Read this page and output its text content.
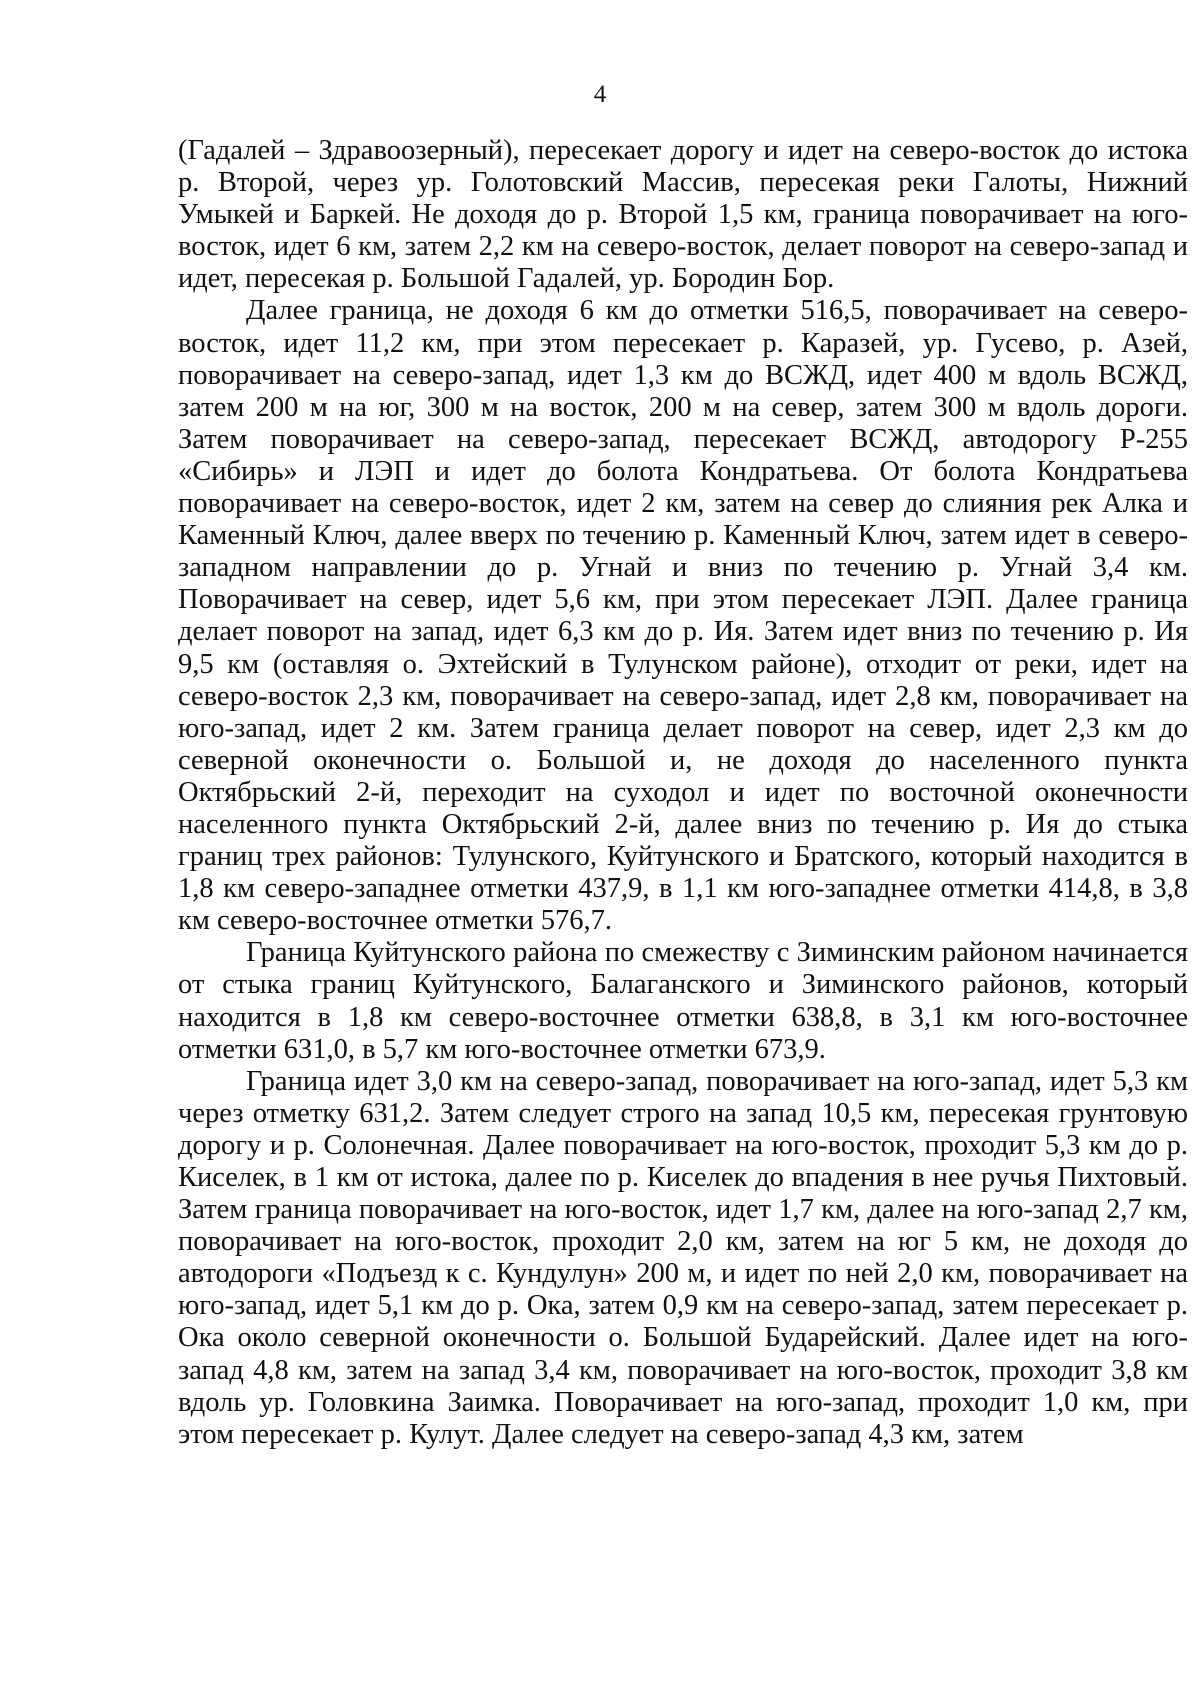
4

(Гадалей – Здравоозерный), пересекает дорогу и идет на северо-восток до истока р. Второй, через ур. Голотовский Массив, пересекая реки Галоты, Нижний Умыкей и Баркей. Не доходя до р. Второй 1,5 км, граница поворачивает на юго-восток, идет 6 км, затем 2,2 км на северо-восток, делает поворот на северо-запад и идет, пересекая р. Большой Гадалей, ур. Бородин Бор.

Далее граница, не доходя 6 км до отметки 516,5, поворачивает на северо-восток, идет 11,2 км, при этом пересекает р. Каразей, ур. Гусево, р. Азей, поворачивает на северо-запад, идет 1,3 км до ВСЖД, идет 400 м вдоль ВСЖД, затем 200 м на юг, 300 м на восток, 200 м на север, затем 300 м вдоль дороги. Затем поворачивает на северо-запад, пересекает ВСЖД, автодорогу Р-255 «Сибирь» и ЛЭП и идет до болота Кондратьева. От болота Кондратьева поворачивает на северо-восток, идет 2 км, затем на север до слияния рек Алка и Каменный Ключ, далее вверх по течению р. Каменный Ключ, затем идет в северо-западном направлении до р. Угнай и вниз по течению р. Угнай 3,4 км. Поворачивает на север, идет 5,6 км, при этом пересекает ЛЭП. Далее граница делает поворот на запад, идет 6,3 км до р. Ия. Затем идет вниз по течению р. Ия 9,5 км (оставляя о. Эхтейский в Тулунском районе), отходит от реки, идет на северо-восток 2,3 км, поворачивает на северо-запад, идет 2,8 км, поворачивает на юго-запад, идет 2 км. Затем граница делает поворот на север, идет 2,3 км до северной оконечности о. Большой и, не доходя до населенного пункта Октябрьский 2-й, переходит на суходол и идет по восточной оконечности населенного пункта Октябрьский 2-й, далее вниз по течению р. Ия до стыка границ трех районов: Тулунского, Куйтунского и Братского, который находится в 1,8 км северо-западнее отметки 437,9, в 1,1 км юго-западнее отметки 414,8, в 3,8 км северо-восточнее отметки 576,7.

Граница Куйтунского района по смежеству с Зиминским районом начинается от стыка границ Куйтунского, Балаганского и Зиминского районов, который находится в 1,8 км северо-восточнее отметки 638,8, в 3,1 км юго-восточнее отметки 631,0, в 5,7 км юго-восточнее отметки 673,9.

Граница идет 3,0 км на северо-запад, поворачивает на юго-запад, идет 5,3 км через отметку 631,2. Затем следует строго на запад 10,5 км, пересекая грунтовую дорогу и р. Солонечная. Далее поворачивает на юго-восток, проходит 5,3 км до р. Киселек, в 1 км от истока, далее по р. Киселек до впадения в нее ручья Пихтовый. Затем граница поворачивает на юго-восток, идет 1,7 км, далее на юго-запад 2,7 км, поворачивает на юго-восток, проходит 2,0 км, затем на юг 5 км, не доходя до автодороги «Подъезд к с. Кундулун» 200 м, и идет по ней 2,0 км, поворачивает на юго-запад, идет 5,1 км до р. Ока, затем 0,9 км на северо-запад, затем пересекает р. Ока около северной оконечности о. Большой Бударейский. Далее идет на юго-запад 4,8 км, затем на запад 3,4 км, поворачивает на юго-восток, проходит 3,8 км вдоль ур. Головкина Заимка. Поворачивает на юго-запад, проходит 1,0 км, при этом пересекает р. Кулут. Далее следует на северо-запад 4,3 км, затем
